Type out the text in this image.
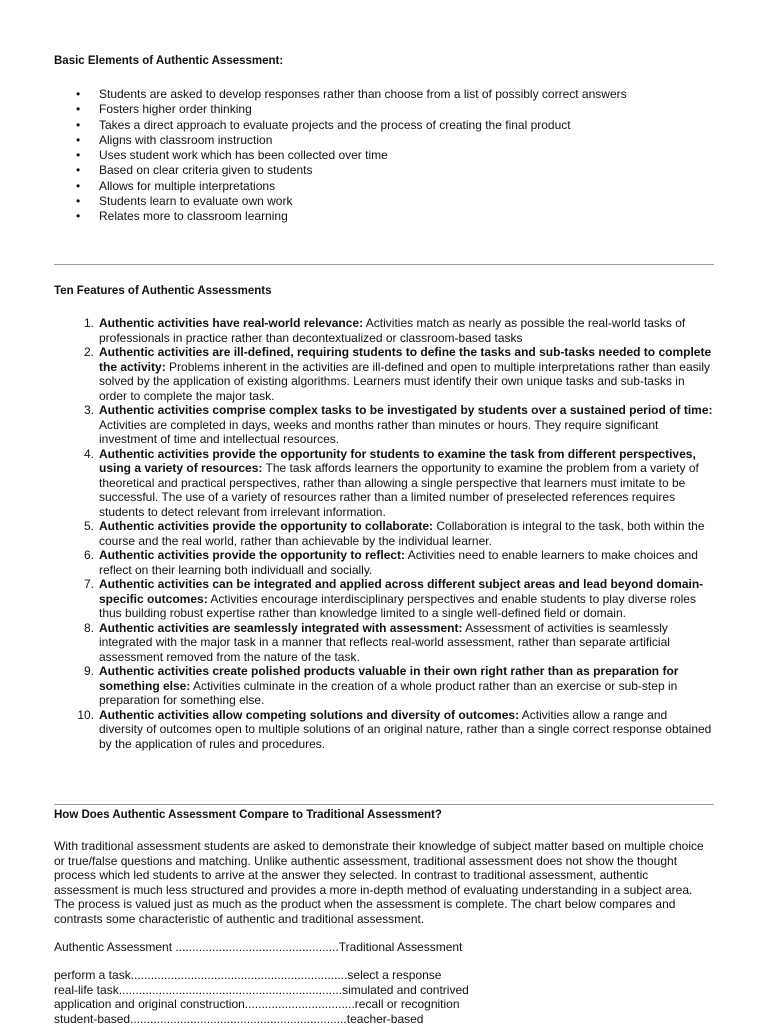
Basic Elements of Authentic Assessment:
• Students are asked to develop responses rather than choose from a list of possibly correct answers
• Fosters higher order thinking
• Takes a direct approach to evaluate projects and the process of creating the final product
• Aligns with classroom instruction
• Uses student work which has been collected over time
• Based on clear criteria given to students
• Allows for multiple interpretations
• Students learn to evaluate own work
• Relates more to classroom learning
Ten Features of Authentic Assessments
1. Authentic activities have real-world relevance: Activities match as nearly as possible the real-world tasks of professionals in practice rather than decontextualized or classroom-based tasks
2. Authentic activities are ill-defined, requiring students to define the tasks and sub-tasks needed to complete the activity: Problems inherent in the activities are ill-defined and open to multiple interpretations rather than easily solved by the application of existing algorithms. Learners must identify their own unique tasks and sub-tasks in order to complete the major task.
3. Authentic activities comprise complex tasks to be investigated by students over a sustained period of time: Activities are completed in days, weeks and months rather than minutes or hours. They require significant investment of time and intellectual resources.
4. Authentic activities provide the opportunity for students to examine the task from different perspectives, using a variety of resources: The task affords learners the opportunity to examine the problem from a variety of theoretical and practical perspectives, rather than allowing a single perspective that learners must imitate to be successful. The use of a variety of resources rather than a limited number of preselected references requires students to detect relevant from irrelevant information.
5. Authentic activities provide the opportunity to collaborate: Collaboration is integral to the task, both within the course and the real world, rather than achievable by the individual learner.
6. Authentic activities provide the opportunity to reflect: Activities need to enable learners to make choices and reflect on their learning both individuall and socially.
7. Authentic activities can be integrated and applied across different subject areas and lead beyond domain-specific outcomes: Activities encourage interdisciplinary perspectives and enable students to play diverse roles thus building robust expertise rather than knowledge limited to a single well-defined field or domain.
8. Authentic activities are seamlessly integrated with assessment: Assessment of activities is seamlessly integrated with the major task in a manner that reflects real-world assessment, rather than separate artificial assessment removed from the nature of the task.
9. Authentic activities create polished products valuable in their own right rather than as preparation for something else: Activities culminate in the creation of a whole product rather than an exercise or sub-step in preparation for something else.
10. Authentic activities allow competing solutions and diversity of outcomes: Activities allow a range and diversity of outcomes open to multiple solutions of an original nature, rather than a single correct response obtained by the application of rules and procedures.
How Does Authentic Assessment Compare to Traditional Assessment?
With traditional assessment students are asked to demonstrate their knowledge of subject matter based on multiple choice or true/false questions and matching. Unlike authentic assessment, traditional assessment does not show the thought process which led students to arrive at the answer they selected. In contrast to traditional assessment, authentic assessment is much less structured and provides a more in-depth method of evaluating understanding in a subject area. The process is valued just as much as the product when the assessment is complete. The chart below compares and contrasts some characteristic of authentic and traditional assessment.
Authentic Assessment .................................................Traditional Assessment
perform a task.................................................................select a response
real-life task...................................................................simulated and contrived
application and original construction.................................recall or recognition
student-based.................................................................teacher-based
